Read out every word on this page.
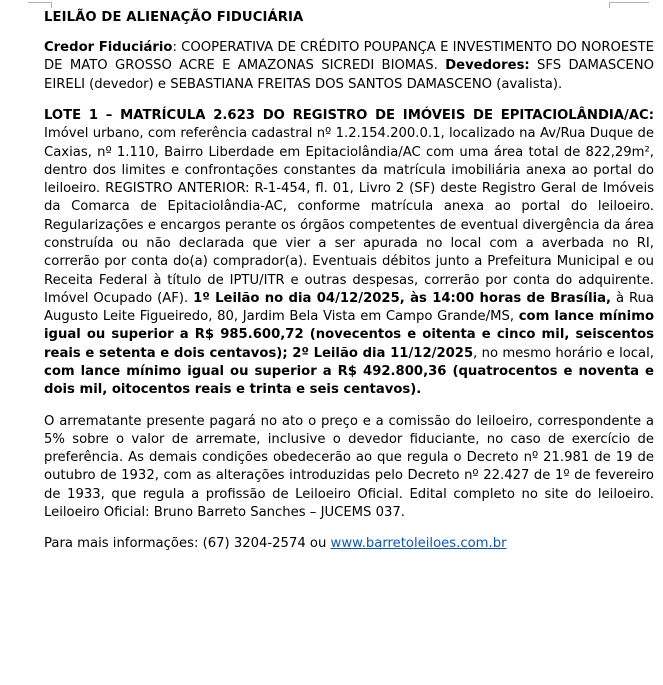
LEILÃO DE ALIENAÇÃO FIDUCIÁRIA

Credor Fiduciário: COOPERATIVA DE CRÉDITO POUPANÇA E INVESTIMENTO DO NOROESTE DE MATO GROSSO ACRE E AMAZONAS SICREDI BIOMAS. Devedores: SFS DAMASCENO EIRELI (devedor) e SEBASTIANA FREITAS DOS SANTOS DAMASCENO (avalista).

LOTE 1 – MATRÍCULA 2.623 DO REGISTRO DE IMÓVEIS DE EPITACIOLÂNDIA/AC: Imóvel urbano, com referência cadastral nº 1.2.154.200.0.1, localizado na Av/Rua Duque de Caxias, nº 1.110, Bairro Liberdade em Epitaciolândia/AC com uma área total de 822,29m², dentro dos limites e confrontações constantes da matrícula imobiliária anexa ao portal do leiloeiro. REGISTRO ANTERIOR: R-1-454, fl. 01, Livro 2 (SF) deste Registro Geral de Imóveis da Comarca de Epitaciolândia-AC, conforme matrícula anexa ao portal do leiloeiro. Regularizações e encargos perante os órgãos competentes de eventual divergência da área construída ou não declarada que vier a ser apurada no local com a averbada no RI, correrão por conta do(a) comprador(a). Eventuais débitos junto a Prefeitura Municipal e ou Receita Federal à título de IPTU/ITR e outras despesas, correrão por conta do adquirente. Imóvel Ocupado (AF). 1º Leilão no dia 04/12/2025, às 14:00 horas de Brasília, à Rua Augusto Leite Figueiredo, 80, Jardim Bela Vista em Campo Grande/MS, com lance mínimo igual ou superior a R$ 985.600,72 (novecentos e oitenta e cinco mil, seiscentos reais e setenta e dois centavos); 2º Leilão dia 11/12/2025, no mesmo horário e local, com lance mínimo igual ou superior a R$ 492.800,36 (quatrocentos e noventa e dois mil, oitocentos reais e trinta e seis centavos).

O arrematante presente pagará no ato o preço e a comissão do leiloeiro, correspondente a 5% sobre o valor de arremate, inclusive o devedor fiduciante, no caso de exercício de preferência. As demais condições obedecerão ao que regula o Decreto nº 21.981 de 19 de outubro de 1932, com as alterações introduzidas pelo Decreto nº 22.427 de 1º de fevereiro de 1933, que regula a profissão de Leiloeiro Oficial. Edital completo no site do leiloeiro. Leiloeiro Oficial: Bruno Barreto Sanches – JUCEMS 037.

Para mais informações: (67) 3204-2574 ou www.barretoleiloes.com.br
